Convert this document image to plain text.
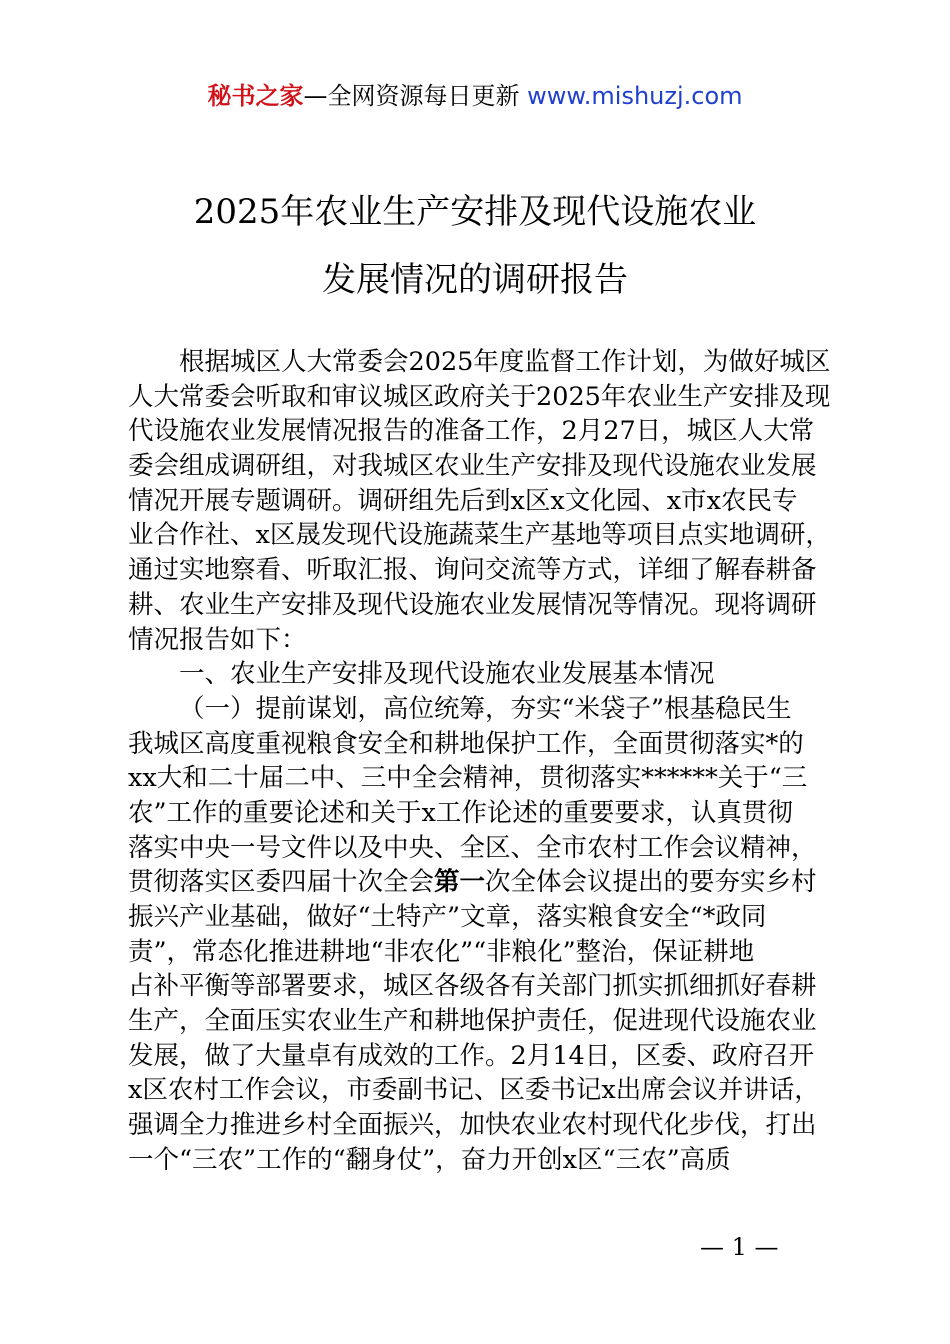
秘书之家—全网资源每日更新 www.mishuzj.com
2025年农业生产安排及现代设施农业
发展情况的调研报告
根据城区人大常委会2025年度监督工作计划，为做好城区
人大常委会听取和审议城区政府关于2025年农业生产安排及现
代设施农业发展情况报告的准备工作，2月27日，城区人大常
委会组成调研组，对我城区农业生产安排及现代设施农业发展
情况开展专题调研。调研组先后到x区x文化园、x市x农民专
业合作社、x区晟发现代设施蔬菜生产基地等项目点实地调研，
通过实地察看、听取汇报、询问交流等方式，详细了解春耕备
耕、农业生产安排及现代设施农业发展情况等情况。现将调研
情况报告如下：
一、农业生产安排及现代设施农业发展基本情况
（一）提前谋划，高位统筹，夯实“米袋子”根基稳民生
我城区高度重视粮食安全和耕地保护工作，全面贯彻落实*的
xx大和二十届二中、三中全会精神，贯彻落实******关于“三
农”工作的重要论述和关于x工作论述的重要要求，认真贯彻
落实中央一号文件以及中央、全区、全市农村工作会议精神，
贯彻落实区委四届十次全会第一次全体会议提出的要夯实乡村
振兴产业基础，做好“土特产”文章，落实粮食安全“*政同
责”，常态化推进耕地“非农化”“非粮化”整治，保证耕地
占补平衡等部署要求，城区各级各有关部门抓实抓细抓好春耕
生产，全面压实农业生产和耕地保护责任，促进现代设施农业
发展，做了大量卓有成效的工作。2月14日，区委、政府召开
x区农村工作会议，市委副书记、区委书记x出席会议并讲话，
强调全力推进乡村全面振兴，加快农业农村现代化步伐，打出
一个“三农”工作的“翻身仗”，奋力开创x区“三农”高质
— 1 —
